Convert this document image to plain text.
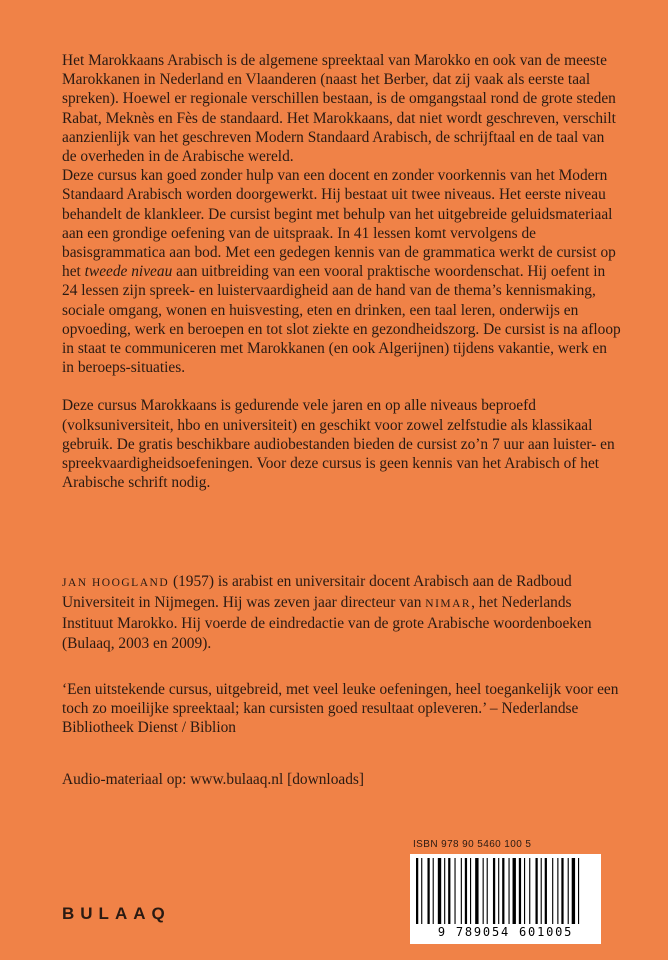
Het Marokkaans Arabisch is de algemene spreektaal van Marokko en ook van de meeste Marokkanen in Nederland en Vlaanderen (naast het Berber, dat zij vaak als eerste taal spreken). Hoewel er regionale verschillen bestaan, is de omgangstaal rond de grote steden Rabat, Meknès en Fès de standaard. Het Marokkaans, dat niet wordt geschreven, verschilt aanzienlijk van het geschreven Modern Standaard Arabisch, de schrijftaal en de taal van de overheden in de Arabische wereld.

Deze cursus kan goed zonder hulp van een docent en zonder voorkennis van het Modern Standaard Arabisch worden doorgewerkt. Hij bestaat uit twee niveaus. Het eerste niveau behandelt de klankleer. De cursist begint met behulp van het uitgebreide geluidsmateriaal aan een grondige oefening van de uitspraak. In 41 lessen komt vervolgens de basisgrammatica aan bod. Met een gedegen kennis van de grammatica werkt de cursist op het tweede niveau aan uitbreiding van een vooral praktische woordenschat. Hij oefent in 24 lessen zijn spreek- en luistervaardigheid aan de hand van de thema’s kennismaking, sociale omgang, wonen en huisvesting, eten en drinken, een taal leren, onderwijs en opvoeding, werk en beroepen en tot slot ziekte en gezondheidszorg. De cursist is na afloop in staat te communiceren met Marokkanen (en ook Algerijnen) tijdens vakantie, werk en in beroeps-situaties.

Deze cursus Marokkaans is gedurende vele jaren en op alle niveaus beproefd (volksuniversiteit, hbo en universiteit) en geschikt voor zowel zelfstudie als klassikaal gebruik. De gratis beschikbare audiobestanden bieden de cursist zo’n 7 uur aan luister- en spreekvaardigheidsoefeningen. Voor deze cursus is geen kennis van het Arabisch of het Arabische schrift nodig.

JAN HOOGLAND (1957) is arabist en universitair docent Arabisch aan de Radboud Universiteit in Nijmegen. Hij was zeven jaar directeur van NIMAR, het Nederlands Instituut Marokko. Hij voerde de eindredactie van de grote Arabische woordenboeken (Bulaaq, 2003 en 2009).

‘Een uitstekende cursus, uitgebreid, met veel leuke oefeningen, heel toegankelijk voor een toch zo moeilijke spreektaal; kan cursisten goed resultaat opleveren.’ – Nederlandse Bibliotheek Dienst / Biblion

Audio-materiaal op: www.bulaaq.nl [downloads]

ISBN 978 90 5460 100 5
9 789054 601005
BULAAQ
